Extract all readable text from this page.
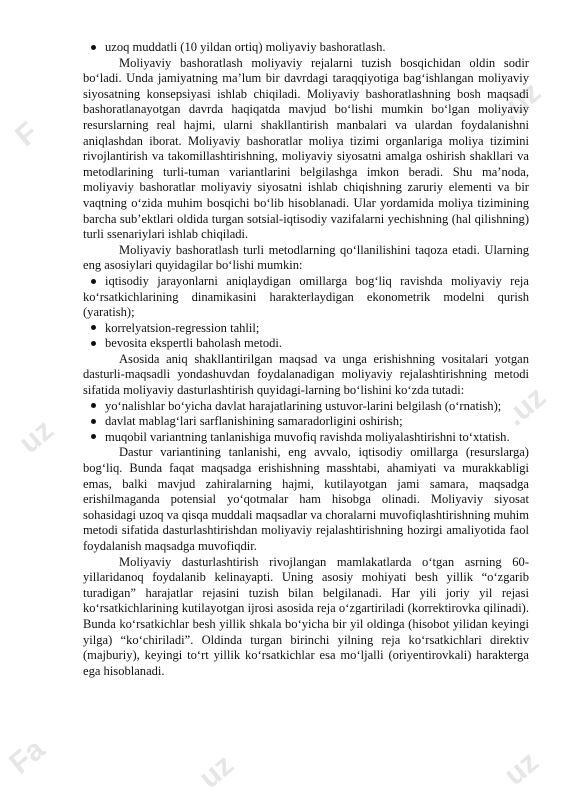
F
.uz
uz
.uz
Fa	uz	uz

uzoq muddatli (10 yildan ortiq) moliyaviy bashoratlash.

Moliyaviy bashoratlash moliyaviy rejalarni tuzish bosqichidan oldin sodir bo‘ladi. Unda jamiyatning ma’lum bir davrdagi taraqqiyotiga bag‘ishlangan moliyaviy siyosatning konsepsiyasi ishlab chiqiladi. Moliyaviy bashoratlashning bosh maqsadi bashoratlanayotgan davrda haqiqatda mavjud bo‘lishi mumkin bo‘lgan moliyaviy resurslarning real hajmi, ularni shakllantirish manbalari va ulardan foydalanishni aniqlashdan iborat. Moliyaviy bashoratlar moliya tizimi organlariga moliya tizimini rivojlantirish va takomillashtirishning, moliyaviy siyosatni amalga oshirish shakllari va metodlarining turli-tuman variantlarini belgilashga imkon beradi. Shu ma’noda, moliyaviy bashoratlar moliyaviy siyosatni ishlab chiqishning zaruriy elementi va bir vaqtning o‘zida muhim bosqichi bo‘lib hisoblanadi. Ular yordamida moliya tizimining barcha sub’ektlari oldida turgan sotsial-iqtisodiy vazifalarni yechishning (hal qilishning) turli ssenariylari ishlab chiqiladi.

Moliyaviy bashoratlash turli metodlarning qo‘llanilishini taqoza etadi. Ularning eng asosiylari quyidagilar bo‘lishi mumkin:

iqtisodiy jarayonlarni aniqlaydigan omillarga bog‘liq ravishda moliyaviy reja ko‘rsatkichlarining dinamikasini harakterlaydigan ekonometrik modelni qurish (yaratish);

korrelyatsion-regression tahlil;

bevosita ekspertli baholash metodi.

Asosida aniq shakllantirilgan maqsad va unga erishishning vositalari yotgan dasturli-maqsadli yondashuvdan foydalanadigan moliyaviy rejalashtirishning metodi sifatida moliyaviy dasturlashtirish quyidagi-larning bo‘lishini ko‘zda tutadi:

yo‘nalishlar bo‘yicha davlat harajatlarining ustuvor-larini belgilash (o‘rnatish);

davlat mablag‘lari sarflanishining samaradorligini oshirish;

muqobil variantning tanlanishiga muvofiq ravishda moliyalashtirishni to‘xtatish.

Dastur variantining tanlanishi, eng avvalo, iqtisodiy omillarga (resurslarga) bog‘liq. Bunda faqat maqsadga erishishning masshtabi, ahamiyati va murakkabligi emas, balki mavjud zahiralarning hajmi, kutilayotgan jami samara, maqsadga erishilmaganda potensial yo‘qotmalar ham hisobga olinadi. Moliyaviy siyosat sohasidagi uzoq va qisqa muddali maqsadlar va choralarni muvofiqlashtirishning muhim metodi sifatida dasturlashtirishdan moliyaviy rejalashtirishning hozirgi amaliyotida faol foydalanish maqsadga muvofiqdir.

Moliyaviy dasturlashtirish rivojlangan mamlakatlarda o‘tgan asrning 60-yillaridanoq foydalanib kelinayapti. Uning asosiy mohiyati besh yillik “o‘zgarib turadigan” harajatlar rejasini tuzish bilan belgilanadi. Har yili joriy yil rejasi ko‘rsatkichlarining kutilayotgan ijrosi asosida reja o‘zgartiriladi (korrektirovka qilinadi). Bunda ko‘rsatkichlar besh yillik shkala bo‘yicha bir yil oldinga (hisobot yilidan keyingi yilga) “ko‘chiriladi”. Oldinda turgan birinchi yilning reja ko‘rsatkichlari direktiv (majburiy), keyingi to‘rt yillik ko‘rsatkichlar esa mo‘ljalli (oriyentirovkali) harakterga ega hisoblanadi.
